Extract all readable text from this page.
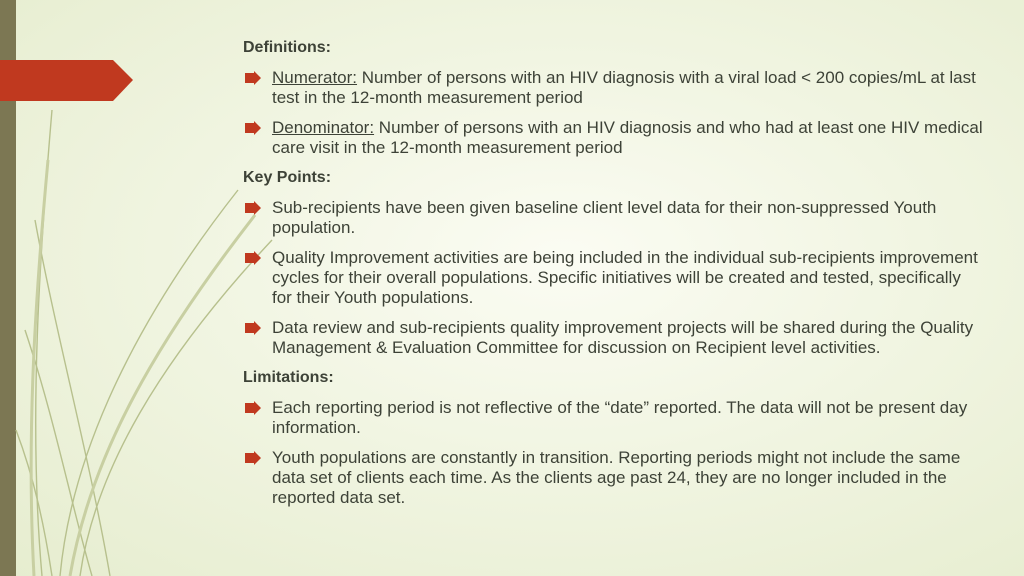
Definitions:
Numerator: Number of persons with an HIV diagnosis with a viral load < 200 copies/mL at last test in the 12-month measurement period
Denominator: Number of persons with an HIV diagnosis and who had at least one HIV medical care visit in the 12-month measurement period
Key Points:
Sub-recipients have been given baseline client level data for their non-suppressed Youth population.
Quality Improvement activities are being included in the individual sub-recipients improvement cycles for their overall populations. Specific initiatives will be created and tested, specifically for their Youth populations.
Data review and sub-recipients quality improvement projects will be shared during the Quality Management & Evaluation Committee for discussion on Recipient level activities.
Limitations:
Each reporting period is not reflective of the “date” reported. The data will not be present day information.
Youth populations are constantly in transition. Reporting periods might not include the same data set of clients each time. As the clients age past 24, they are no longer included in the reported data set.
